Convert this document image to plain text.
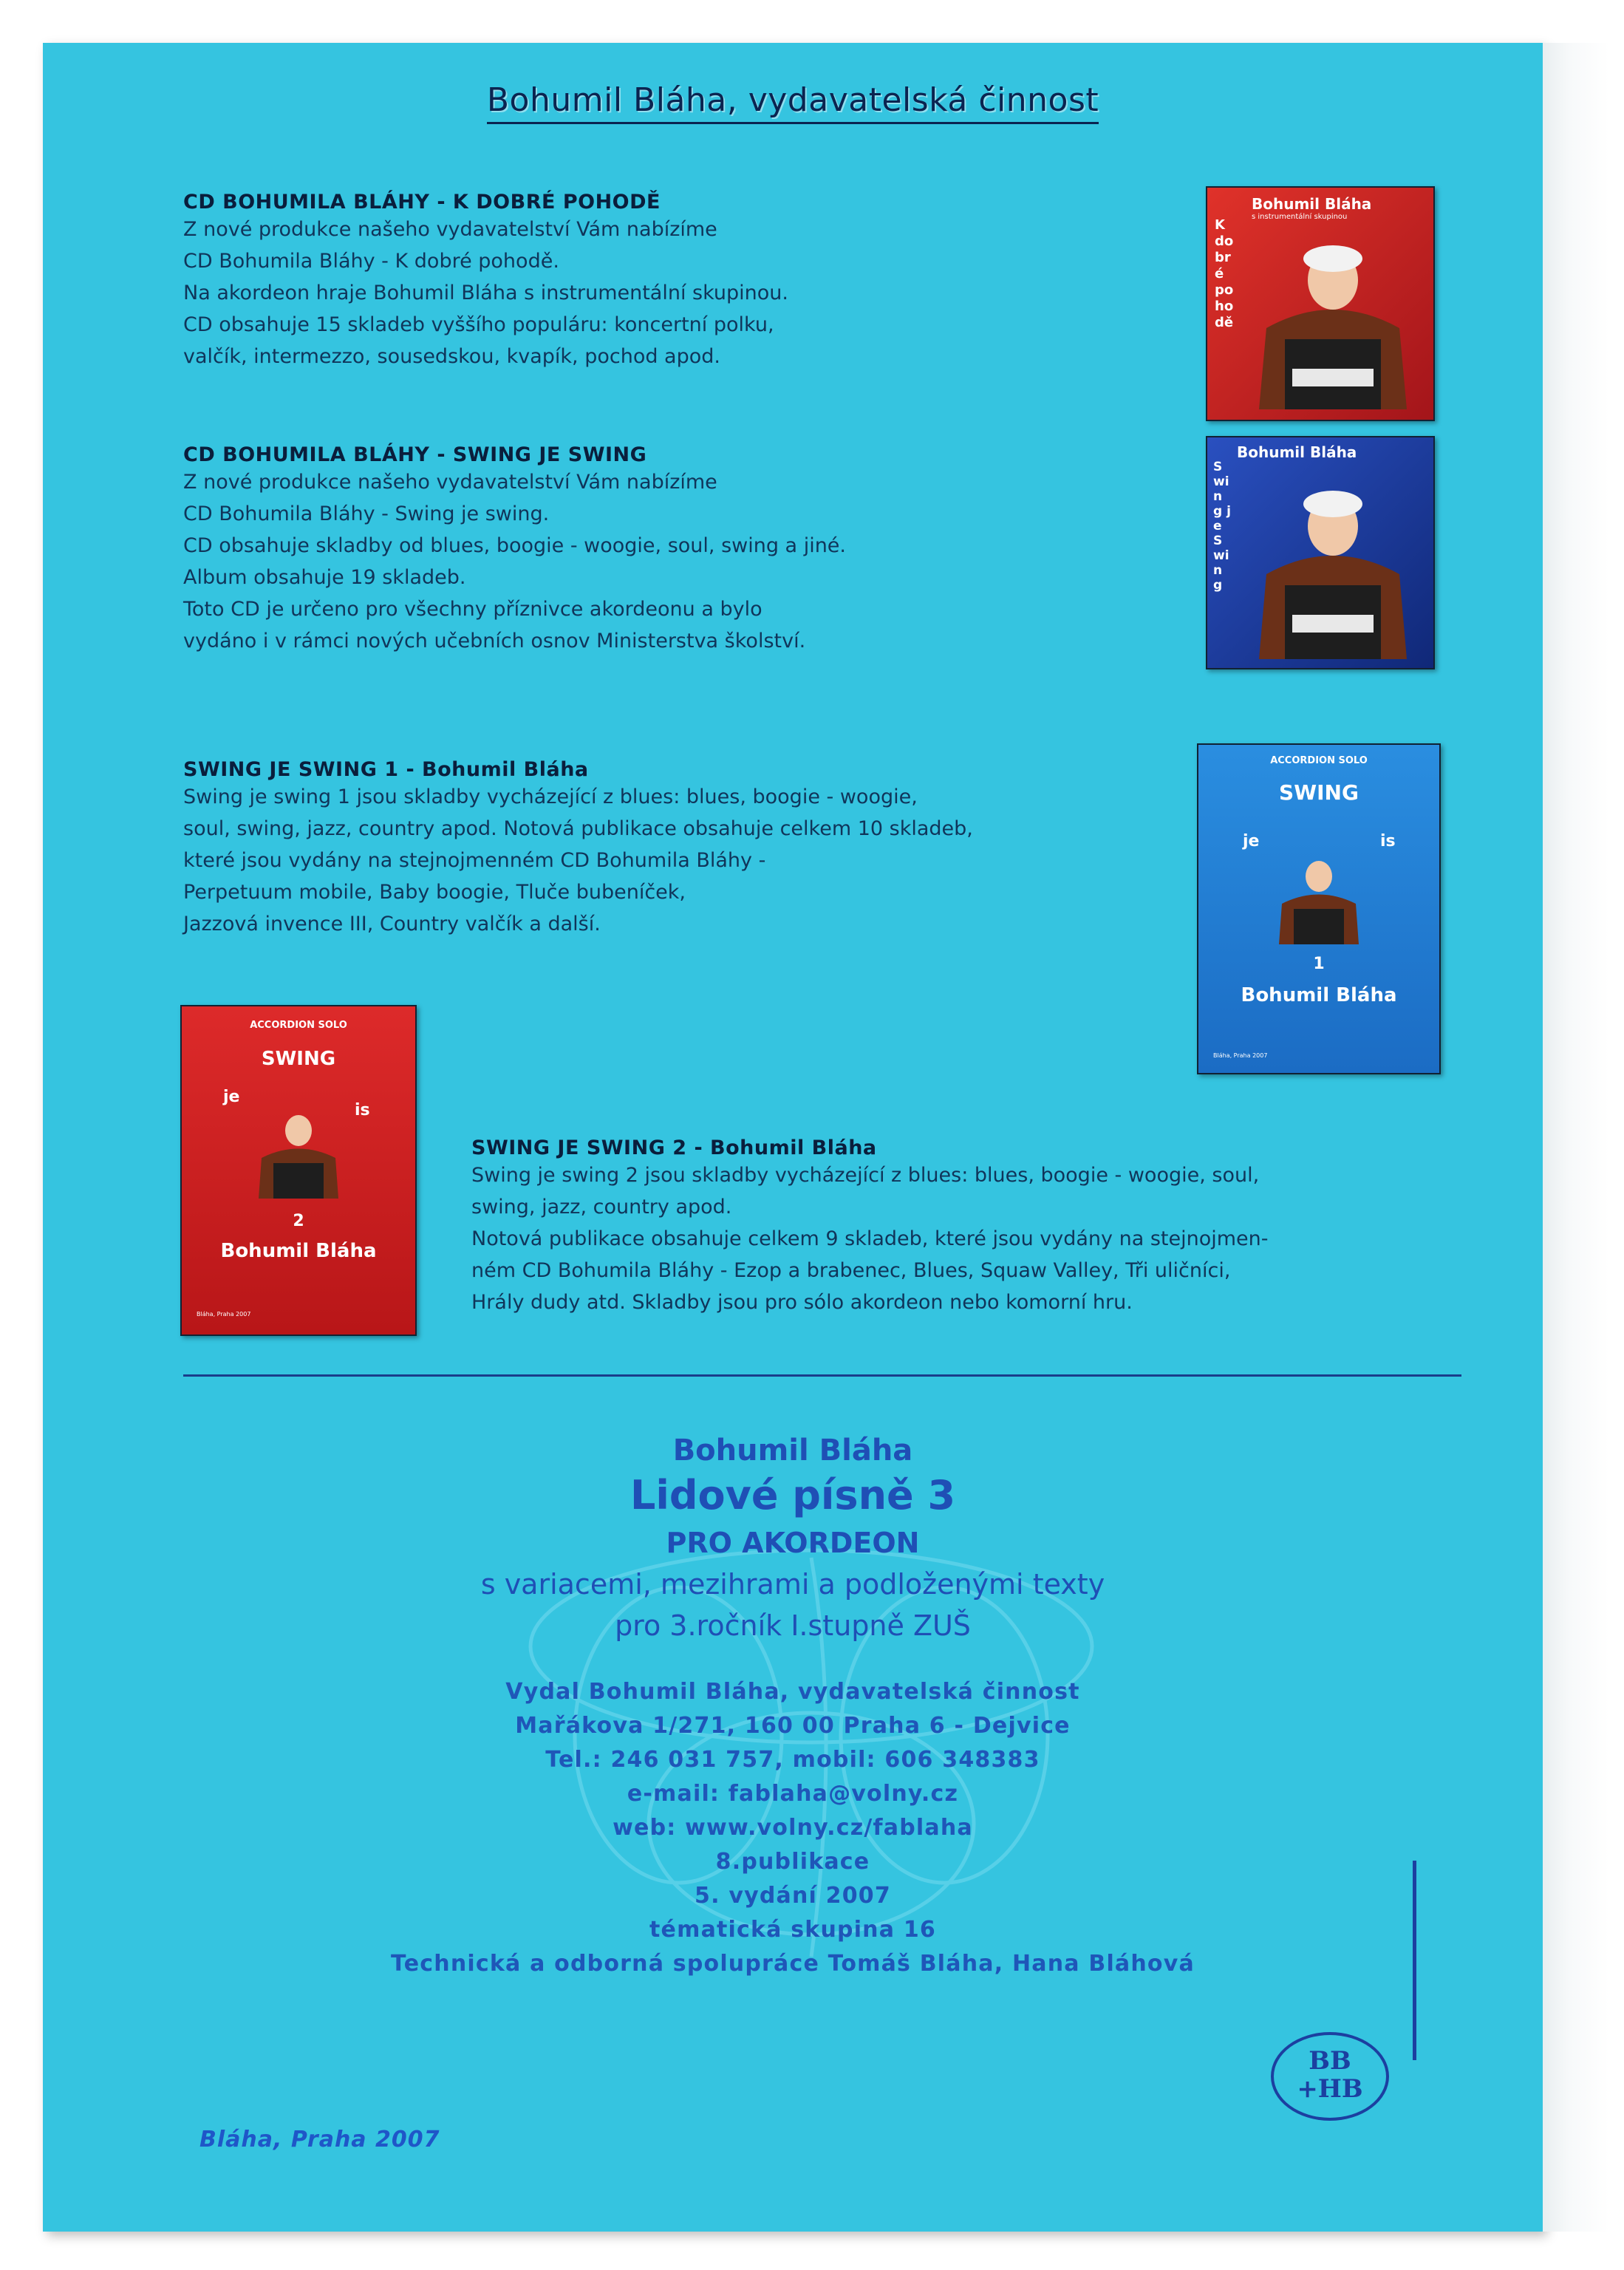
Bohumil Bláha, vydavatelská činnost
CD BOHUMILA BLÁHY - K DOBRÉ POHODĚ
Z nové produkce našeho vydavatelství Vám nabízíme
CD Bohumila Bláhy - K dobré pohodě.
Na akordeon hraje Bohumil Bláha s instrumentální skupinou.
CD obsahuje 15 skladeb vyššího populáru: koncertní polku,
valčík, intermezzo, sousedskou, kvapík, pochod apod.
Bohumil Bláha
s instrumentální skupinou
K dobré pohodě
CD BOHUMILA BLÁHY - SWING JE SWING
Z nové produkce našeho vydavatelství Vám nabízíme
CD Bohumila Bláhy - Swing je swing.
CD obsahuje skladby od blues, boogie - woogie, soul, swing a jiné.
Album obsahuje 19 skladeb.
Toto CD je určeno pro všechny příznivce akordeonu a bylo
vydáno i v rámci nových učebních osnov Ministerstva školství.
Bohumil Bláha
Swing je Swing
SWING JE SWING 1 - Bohumil Bláha
Swing je swing 1 jsou skladby vycházející z blues: blues, boogie - woogie,
soul, swing, jazz, country apod. Notová publikace obsahuje celkem 10 skladeb,
které jsou vydány na stejnojmenném CD Bohumila Bláhy -
Perpetuum mobile, Baby boogie, Tluče bubeníček,
Jazzová invence III, Country valčík a další.
ACCORDION SOLO
SWING
je	is
1
Bohumil Bláha
Bláha, Praha 2007
ACCORDION SOLO
SWING
je
is
2
Bohumil Bláha
Bláha, Praha 2007
SWING JE SWING 2 - Bohumil Bláha
Swing je swing 2 jsou skladby vycházející z blues: blues, boogie - woogie, soul,
swing, jazz, country apod.
Notová publikace obsahuje celkem 9 skladeb, které jsou vydány na stejnojmen-
ném CD Bohumila Bláhy - Ezop a brabenec, Blues, Squaw Valley, Tři uličníci,
Hrály dudy atd. Skladby jsou pro sólo akordeon nebo komorní hru.
Bohumil Bláha
Lidové písně 3
PRO AKORDEON
s variacemi, mezihrami a podloženými texty
pro 3.ročník I.stupně ZUŠ
Vydal Bohumil Bláha, vydavatelská činnost
Mařákova 1/271, 160 00 Praha 6 - Dejvice
Tel.: 246 031 757, mobil: 606 348383
e-mail: fablaha@volny.cz
web: www.volny.cz/fablaha
8.publikace
5. vydání 2007
tématická skupina 16
Technická a odborná spolupráce Tomáš Bláha, Hana Bláhová
BB
+HB
Bláha, Praha 2007
